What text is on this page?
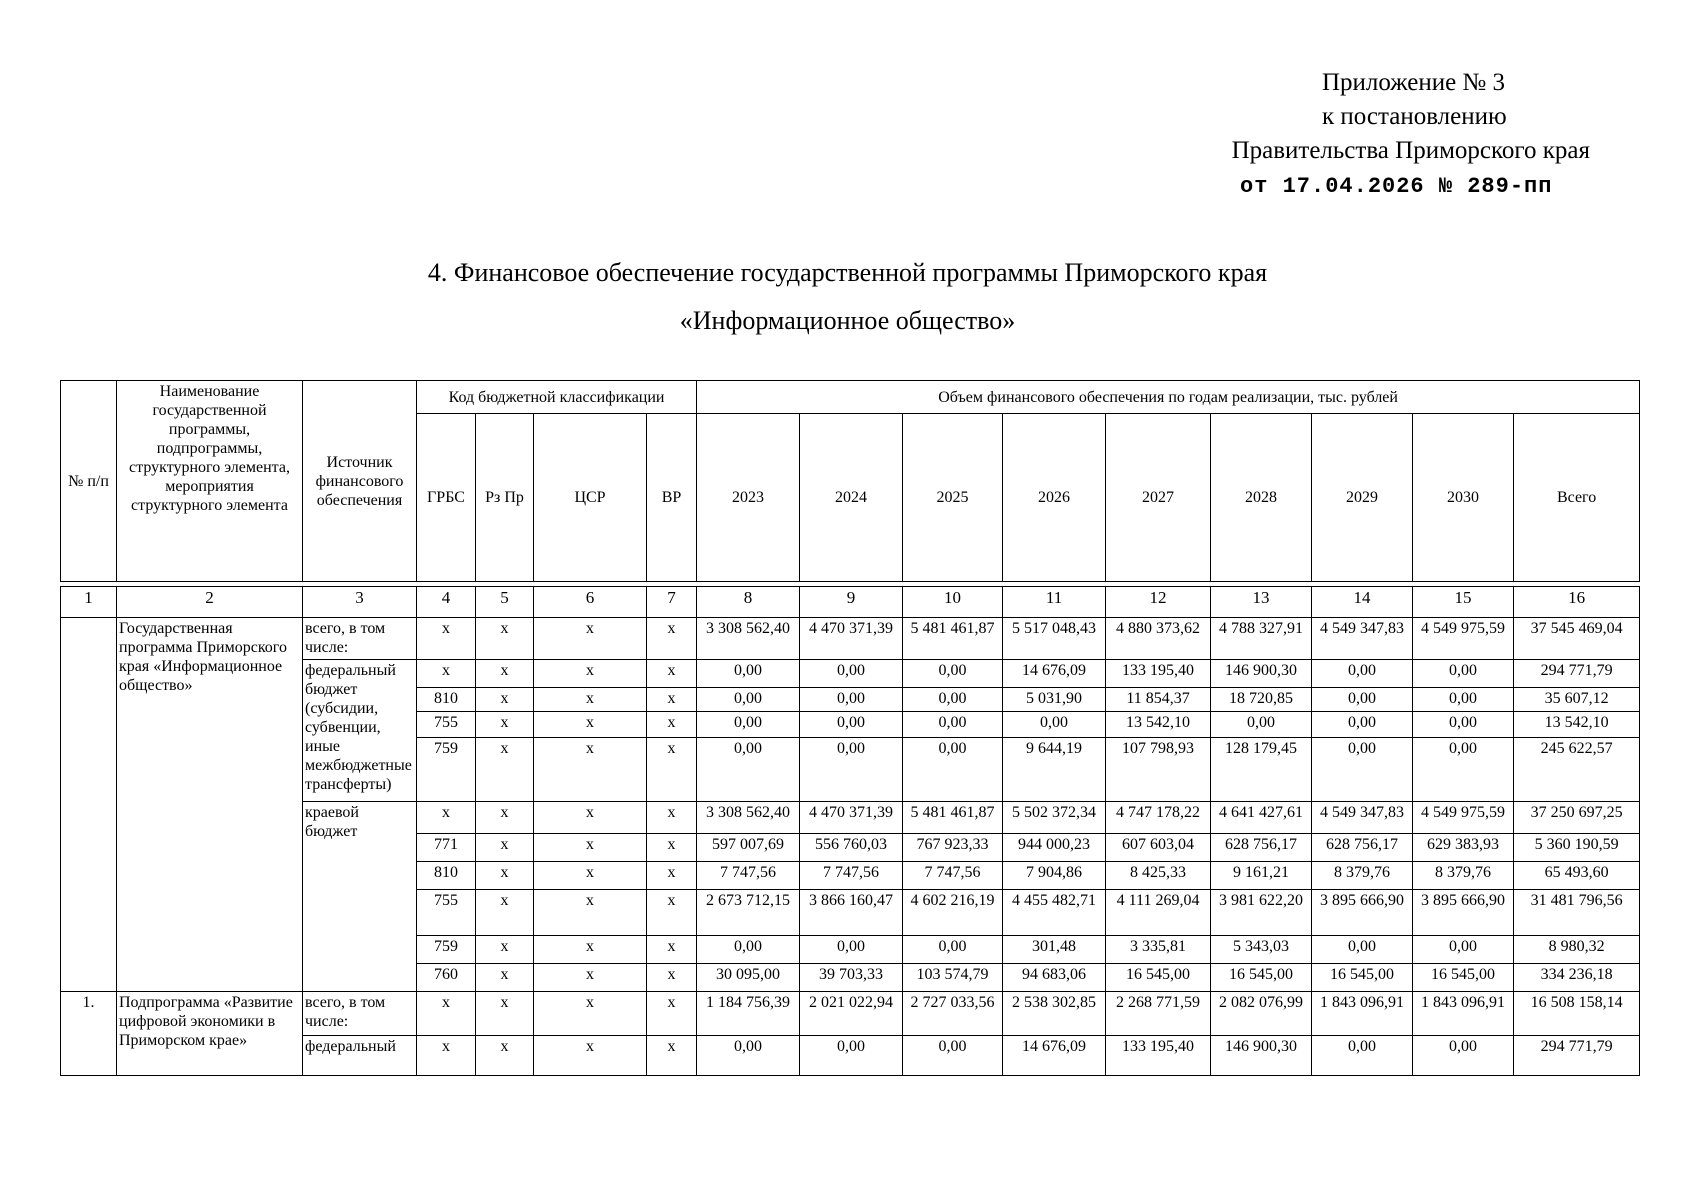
Приложение № 3
к постановлению
Правительства Приморского края
от 17.04.2026 № 289-пп
4. Финансовое обеспечение государственной программы Приморского края
«Информационное общество»
№ п/п	Наименование государственной программы, подпрограммы, структурного элемента, мероприятия структурного элемента	Источник финансового обеспечения	Код бюджетной классификации				Объем финансового обеспечения по годам реализации, тыс. рублей								
			ГРБС	Рз Пр	ЦСР	ВР	2023	2024	2025	2026	2027	2028	2029	2030	Всего

1	2	3	4	5	6	7	8	9	10	11	12	13	14	15	16
	Государственная программа Приморского края «Информационное общество»	всего, в том числе:	х	х	х	х	3 308 562,40	4 470 371,39	5 481 461,87	5 517 048,43	4 880 373,62	4 788 327,91	4 549 347,83	4 549 975,59	37 545 469,04
		федеральный бюджет (субсидии, субвенции, иные межбюджетные трансферты)	х	х	х	х	0,00	0,00	0,00	14 676,09	133 195,40	146 900,30	0,00	0,00	294 771,79
			810	х	х	х	0,00	0,00	0,00	5 031,90	11 854,37	18 720,85	0,00	0,00	35 607,12
			755	х	х	х	0,00	0,00	0,00	0,00	13 542,10	0,00	0,00	0,00	13 542,10
			759	х	х	х	0,00	0,00	0,00	9 644,19	107 798,93	128 179,45	0,00	0,00	245 622,57
		краевой бюджет	х	х	х	х	3 308 562,40	4 470 371,39	5 481 461,87	5 502 372,34	4 747 178,22	4 641 427,61	4 549 347,83	4 549 975,59	37 250 697,25
			771	х	х	х	597 007,69	556 760,03	767 923,33	944 000,23	607 603,04	628 756,17	628 756,17	629 383,93	5 360 190,59
			810	х	х	х	7 747,56	7 747,56	7 747,56	7 904,86	8 425,33	9 161,21	8 379,76	8 379,76	65 493,60
			755	х	х	х	2 673 712,15	3 866 160,47	4 602 216,19	4 455 482,71	4 111 269,04	3 981 622,20	3 895 666,90	3 895 666,90	31 481 796,56
			759	х	х	х	0,00	0,00	0,00	301,48	3 335,81	5 343,03	0,00	0,00	8 980,32
			760	х	х	х	30 095,00	39 703,33	103 574,79	94 683,06	16 545,00	16 545,00	16 545,00	16 545,00	334 236,18
1.	Подпрограмма «Развитие цифровой экономики в Приморском крае»	всего, в том числе:	х	х	х	х	1 184 756,39	2 021 022,94	2 727 033,56	2 538 302,85	2 268 771,59	2 082 076,99	1 843 096,91	1 843 096,91	16 508 158,14
		федеральный	х	х	х	х	0,00	0,00	0,00	14 676,09	133 195,40	146 900,30	0,00	0,00	294 771,79
